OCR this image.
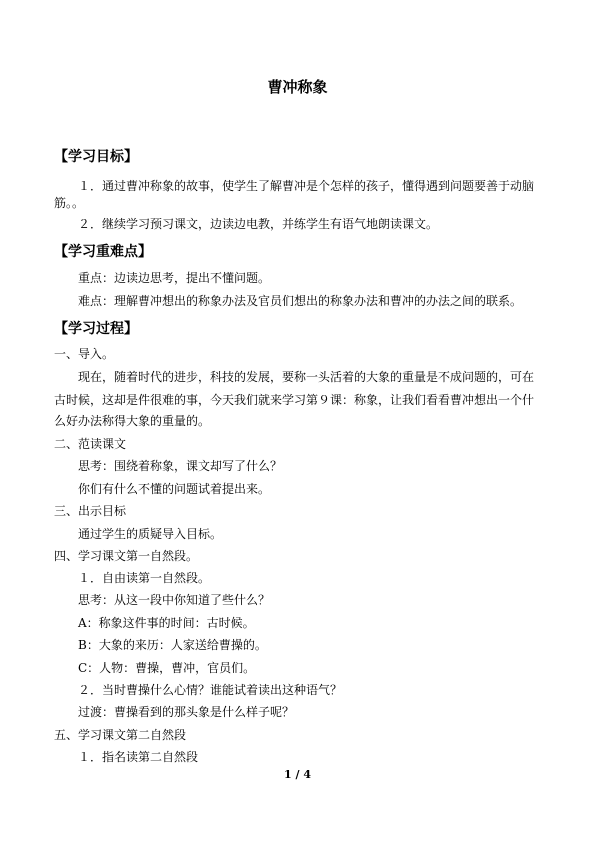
曹冲称象
【学习目标】
１．通过曹冲称象的故事，使学生了解曹冲是个怎样的孩子，懂得遇到问题要善于动脑
筋。。
２．继续学习预习课文，边读边电教，并练学生有语气地朗读课文。
【学习重难点】
重点：边读边思考，提出不懂问题。
难点：理解曹冲想出的称象办法及官员们想出的称象办法和曹冲的办法之间的联系。
【学习过程】
一、导入。
现在，随着时代的进步，科技的发展，要称一头活着的大象的重量是不成问题的，可在
古时候，这却是件很难的事，今天我们就来学习第９课：称象，让我们看看曹冲想出一个什
么好办法称得大象的重量的。
二、范读课文
思考：围绕着称象，课文却写了什么？
你们有什么不懂的问题试着提出来。
三、出示目标
通过学生的质疑导入目标。
四、学习课文第一自然段。
１．自由读第一自然段。
思考：从这一段中你知道了些什么？
A：称象这件事的时间：古时候。
B：大象的来历：人家送给曹操的。
C：人物：曹操，曹冲，官员们。
２．当时曹操什么心情？谁能试着读出这种语气？
过渡：曹操看到的那头象是什么样子呢？
五、学习课文第二自然段
１．指名读第二自然段
1 / 4
